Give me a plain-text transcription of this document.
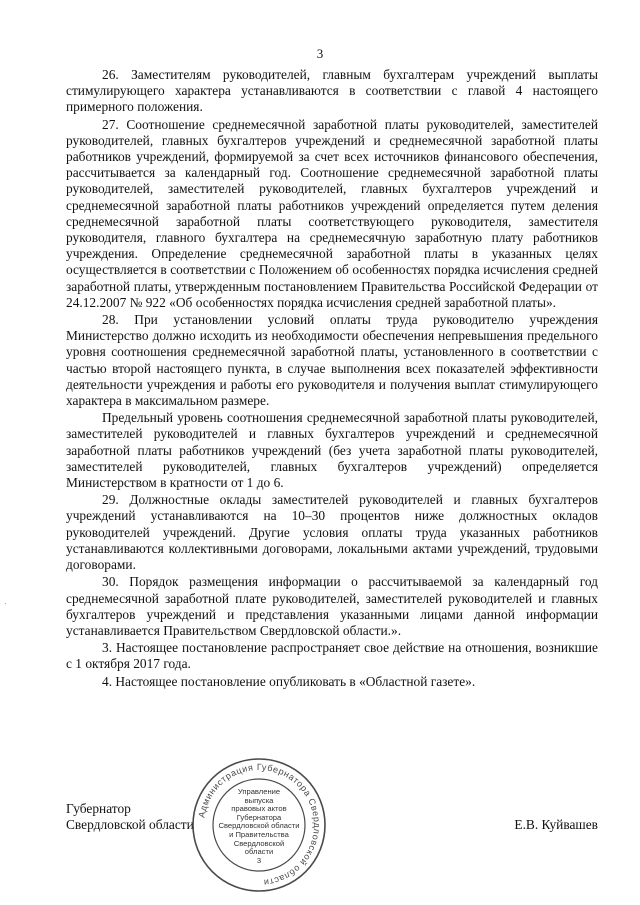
3

26. Заместителям руководителей, главным бухгалтерам учреждений выплаты стимулирующего характера устанавливаются в соответствии с главой 4 настоящего примерного положения.

27. Соотношение среднемесячной заработной платы руководителей, заместителей руководителей, главных бухгалтеров учреждений и среднемесячной заработной платы работников учреждений, формируемой за счет всех источников финансового обеспечения, рассчитывается за календарный год. Соотношение среднемесячной заработной платы руководителей, заместителей руководителей, главных бухгалтеров учреждений и среднемесячной заработной платы работников учреждений определяется путем деления среднемесячной заработной платы соответствующего руководителя, заместителя руководителя, главного бухгалтера на среднемесячную заработную плату работников учреждения. Определение среднемесячной заработной платы в указанных целях осуществляется в соответствии с Положением об особенностях порядка исчисления средней заработной платы, утвержденным постановлением Правительства Российской Федерации от 24.12.2007 № 922 «Об особенностях порядка исчисления средней заработной платы».

28. При установлении условий оплаты труда руководителю учреждения Министерство должно исходить из необходимости обеспечения непревышения предельного уровня соотношения среднемесячной заработной платы, установленного в соответствии с частью второй настоящего пункта, в случае выполнения всех показателей эффективности деятельности учреждения и работы его руководителя и получения выплат стимулирующего характера в максимальном размере.

Предельный уровень соотношения среднемесячной заработной платы руководителей, заместителей руководителей и главных бухгалтеров учреждений и среднемесячной заработной платы работников учреждений (без учета заработной платы руководителей, заместителей руководителей, главных бухгалтеров учреждений) определяется Министерством в кратности от 1 до 6.

29. Должностные оклады заместителей руководителей и главных бухгалтеров учреждений устанавливаются на 10–30 процентов ниже должностных окладов руководителей учреждений. Другие условия оплаты труда указанных работников устанавливаются коллективными договорами, локальными актами учреждений, трудовыми договорами.

30. Порядок размещения информации о рассчитываемой за календарный год среднемесячной заработной плате руководителей, заместителей руководителей и главных бухгалтеров учреждений и представления указанными лицами данной информации устанавливается Правительством Свердловской области.».

3. Настоящее постановление распространяет свое действие на отношения, возникшие с 1 октября 2017 года.

4. Настоящее постановление опубликовать в «Областной газете».

Губернатор
Свердловской области	Е.В. Куйвашев
Администрация Губернатора Свердловской области
Управление
выпуска
правовых актов
Губернатора
Свердловской области
и Правительства
Свердловской
области
3
·
